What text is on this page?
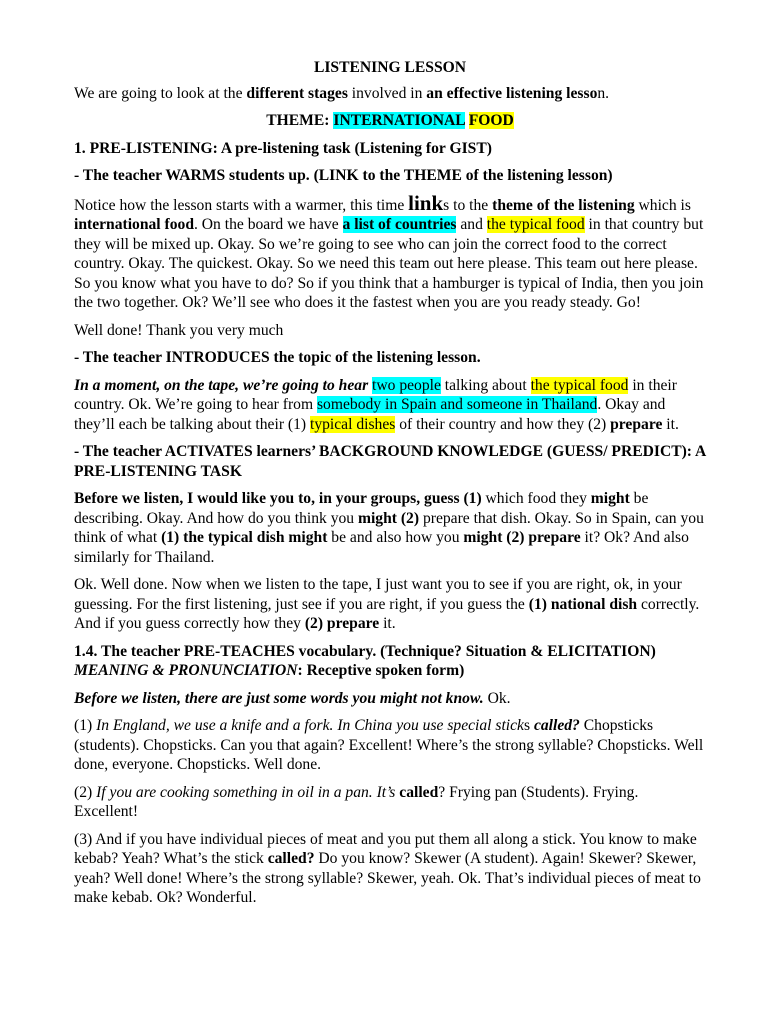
LISTENING LESSON

We are going to look at the different stages involved in an effective listening lesson.

THEME: INTERNATIONAL FOOD

1. PRE-LISTENING: A pre-listening task (Listening for GIST)

- The teacher WARMS students up. (LINK to the THEME of the listening lesson)

Notice how the lesson starts with a warmer, this time links to the theme of the listening which is international food. On the board we have a list of countries and the typical food in that country but they will be mixed up. Okay. So we’re going to see who can join the correct food to the correct country. Okay. The quickest. Okay. So we need this team out here please. This team out here please. So you know what you have to do? So if you think that a hamburger is typical of India, then you join the two together. Ok? We’ll see who does it the fastest when you are you ready steady. Go!

Well done! Thank you very much

- The teacher INTRODUCES the topic of the listening lesson.

In a moment, on the tape, we’re going to hear two people talking about the typical food in their country. Ok. We’re going to hear from somebody in Spain and someone in Thailand. Okay and they’ll each be talking about their (1) typical dishes of their country and how they (2) prepare it.

- The teacher ACTIVATES learners’ BACKGROUND KNOWLEDGE (GUESS/ PREDICT): A PRE-LISTENING TASK

Before we listen, I would like you to, in your groups, guess (1) which food they might be describing. Okay. And how do you think you might (2) prepare that dish. Okay. So in Spain, can you think of what (1) the typical dish might be and also how you might (2) prepare it? Ok? And also similarly for Thailand.

Ok. Well done. Now when we listen to the tape, I just want you to see if you are right, ok, in your guessing. For the first listening, just see if you are right, if you guess the (1) national dish correctly. And if you guess correctly how they (2) prepare it.

1.4. The teacher PRE-TEACHES vocabulary. (Technique? Situation & ELICITATION) MEANING & PRONUNCIATION: Receptive spoken form)

Before we listen, there are just some words you might not know. Ok.

(1) In England, we use a knife and a fork. In China you use special sticks called? Chopsticks (students). Chopsticks. Can you that again? Excellent! Where’s the strong syllable? Chopsticks. Well done, everyone. Chopsticks. Well done.

(2) If you are cooking something in oil in a pan. It’s called? Frying pan (Students). Frying. Excellent!

(3) And if you have individual pieces of meat and you put them all along a stick. You know to make kebab? Yeah? What’s the stick called? Do you know? Skewer (A student). Again! Skewer? Skewer, yeah? Well done! Where’s the strong syllable? Skewer, yeah. Ok. That’s individual pieces of meat to make kebab. Ok? Wonderful.
